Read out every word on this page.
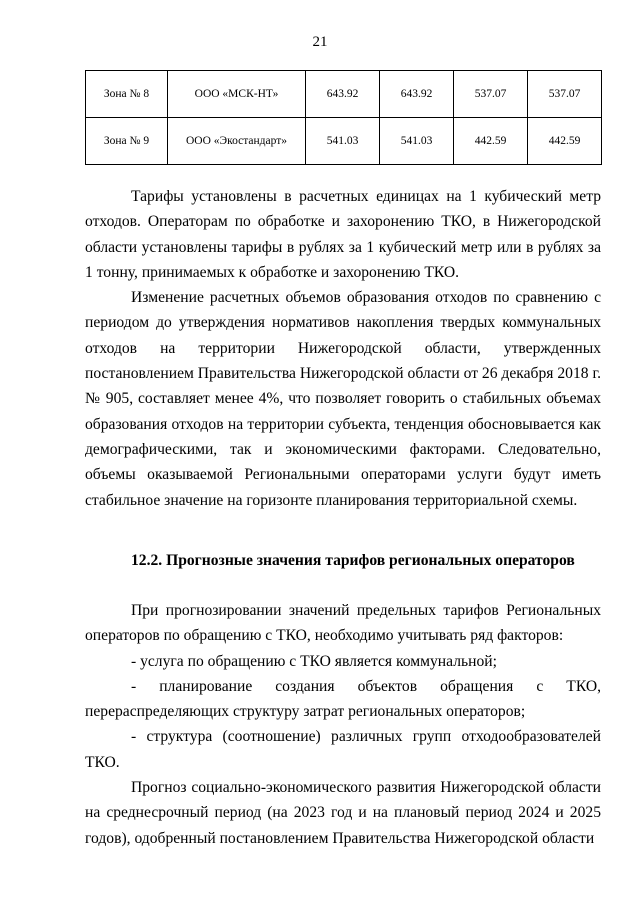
21
Зона № 8	ООО «МСК-НТ»	643.92	643.92	537.07	537.07
Зона № 9	ООО «Экостандарт»	541.03	541.03	442.59	442.59

Тарифы установлены в расчетных единицах на 1 кубический метр отходов. Операторам по обработке и захоронению ТКО, в Нижегородской области установлены тарифы в рублях за 1 кубический метр или в рублях за 1 тонну, принимаемых к обработке и захоронению ТКО.

Изменение расчетных объемов образования отходов по сравнению с периодом до утверждения нормативов накопления твердых коммунальных отходов на территории Нижегородской области, утвержденных постановлением Правительства Нижегородской области от 26 декабря 2018 г. № 905, составляет менее 4%, что позволяет говорить о стабильных объемах образования отходов на территории субъекта, тенденция обосновывается как демографическими, так и экономическими факторами. Следовательно, объемы оказываемой Региональными операторами услуги будут иметь стабильное значение на горизонте планирования территориальной схемы.

12.2. Прогнозные значения тарифов региональных операторов

При прогнозировании значений предельных тарифов Региональных операторов по обращению с ТКО, необходимо учитывать ряд факторов:

- услуга по обращению с ТКО является коммунальной;

- планирование создания объектов обращения с ТКО,

перераспределяющих структуру затрат региональных операторов;

- структура (соотношение) различных групп отходообразователей ТКО.

Прогноз социально-экономического развития Нижегородской области на среднесрочный период (на 2023 год и на плановый период 2024 и 2025 годов), одобренный постановлением Правительства Нижегородской области
